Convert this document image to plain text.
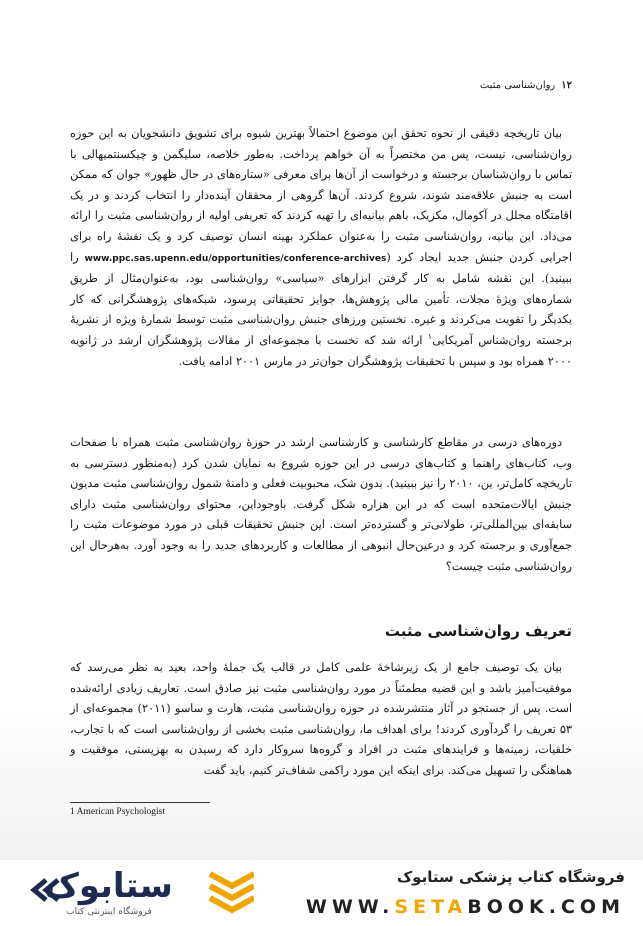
۱۲روان‌شناسی مثبت

بیان تاریخچه دقیقی از نحوه تحقق این موضوع احتمالاً بهترین شیوه برای تشویق دانشجویان به این حوزه روان‌شناسی، نیست، پس من مختصراً به آن خواهم پرداخت. به‌طور خلاصه، سلیگمن و چیکسنتمیهالی با تماس با روان‌شناسان برجسته و درخواست از آن‌ها برای معرفی «ستاره‌های در حال ظهور» جوان که ممکن است به جنبش علاقه‌مند شوند، شروع کردند. آن‌ها گروهی از محققان آینده‌دار را انتخاب کردند و در یک اقامتگاه مجلل در آکومال، مکزیک، باهم بیانیه‌ای را تهیه کردند که تعریفی اولیه از روان‌شناسی مثبت را ارائه می‌داد. این بیانیه، روان‌شناسی مثبت را به‌عنوان عملکرد بهینه انسان توصیف کرد و یک نقشهٔ راه برای اجرایی کردن جنبش جدید ایجاد کرد (www.ppc.sas.upenn.edu/opportunities/conference-archives را ببینید). این نقشه شامل به کار گرفتن ابزارهای «سیاسی» روان‌شناسی بود، به‌عنوان‌مثال از طریق شماره‌های ویژهٔ مجلات، تأمین مالی پژوهش‌ها، جوایز تحقیقاتی پرسود، شبکه‌های پژوهشگرانی که کار یکدیگر را تقویت می‌کردند و غیره. نخستین ورزهای جنبش روان‌شناسی مثبت توسط شمارهٔ ویژه از نشریهٔ برجسته روان‌شناس آمریکایی$^۱$ ارائه شد که نخست با مجموعه‌ای از مقالات پژوهشگران ارشد در ژانویه ۲۰۰۰ همراه بود و سپس با تحقیقات پژوهشگران جوان‌تر در مارس ۲۰۰۱ ادامه یافت.

دوره‌های درسی در مقاطع کارشناسی و کارشناسی ارشد در حوزهٔ روان‌شناسی مثبت همراه با صفحات وب، کتاب‌های راهنما و کتاب‌های درسی در این حوزه شروع به نمایان شدن کرد (به‌منظور دسترسی به تاریخچه کامل‌تر، ین، ۲۰۱۰ را نیز ببینید). بدون شک، محبوبیت فعلی و دامنهٔ شمول روان‌شناسی مثبت مدیون جنبش ایالات‌متحده است که در این هزاره شکل گرفت. باوجوداین، محتوای روان‌شناسی مثبت دارای سابقه‌ای بین‌المللی‌تر، طولانی‌تر و گسترده‌تر است. این جنبش تحقیقات قبلی در مورد موضوعات مثبت را جمع‌آوری و برجسته کرد و درعین‌حال انبوهی از مطالعات و کاربردهای جدید را به وجود آورد. به‌هرحال این روان‌شناسی مثبت چیست؟

تعریف روان‌شناسی مثبت

بیان یک توصیف جامع از یک زیرشاخهٔ علمی کامل در قالب یک جملهٔ واحد، بعید به نظر می‌رسد که موفقیت‌آمیز باشد و این قضیه مطمئناً در مورد روان‌شناسی مثبت نیز صادق است. تعاریف زیادی ارائه‌شده است. پس از جستجو در آثار منتشرشده در حوزه روان‌شناسی مثبت، هارت و ساسو (۲۰۱۱) مجموعه‌ای از ۵۳ تعریف را گردآوری کردند! برای اهداف ما، روان‌شناسی مثبت بخشی از روان‌شناسی است که با تجارب، خلقیات، زمینه‌ها و فرایندهای مثبت در افراد و گروه‌ها سروکار دارد که رسیدن به بهزیستی، موفقیت و هماهنگی را تسهیل می‌کند. برای اینکه این مورد راکمی شفاف‌تر کنیم، باید گفت

1 American Psychologist
ستابوک
فروشگاه اینترنتی کتاب
فروشگاه کتاب پزشکی ستابوک
WWW.SETABOOK.COM
